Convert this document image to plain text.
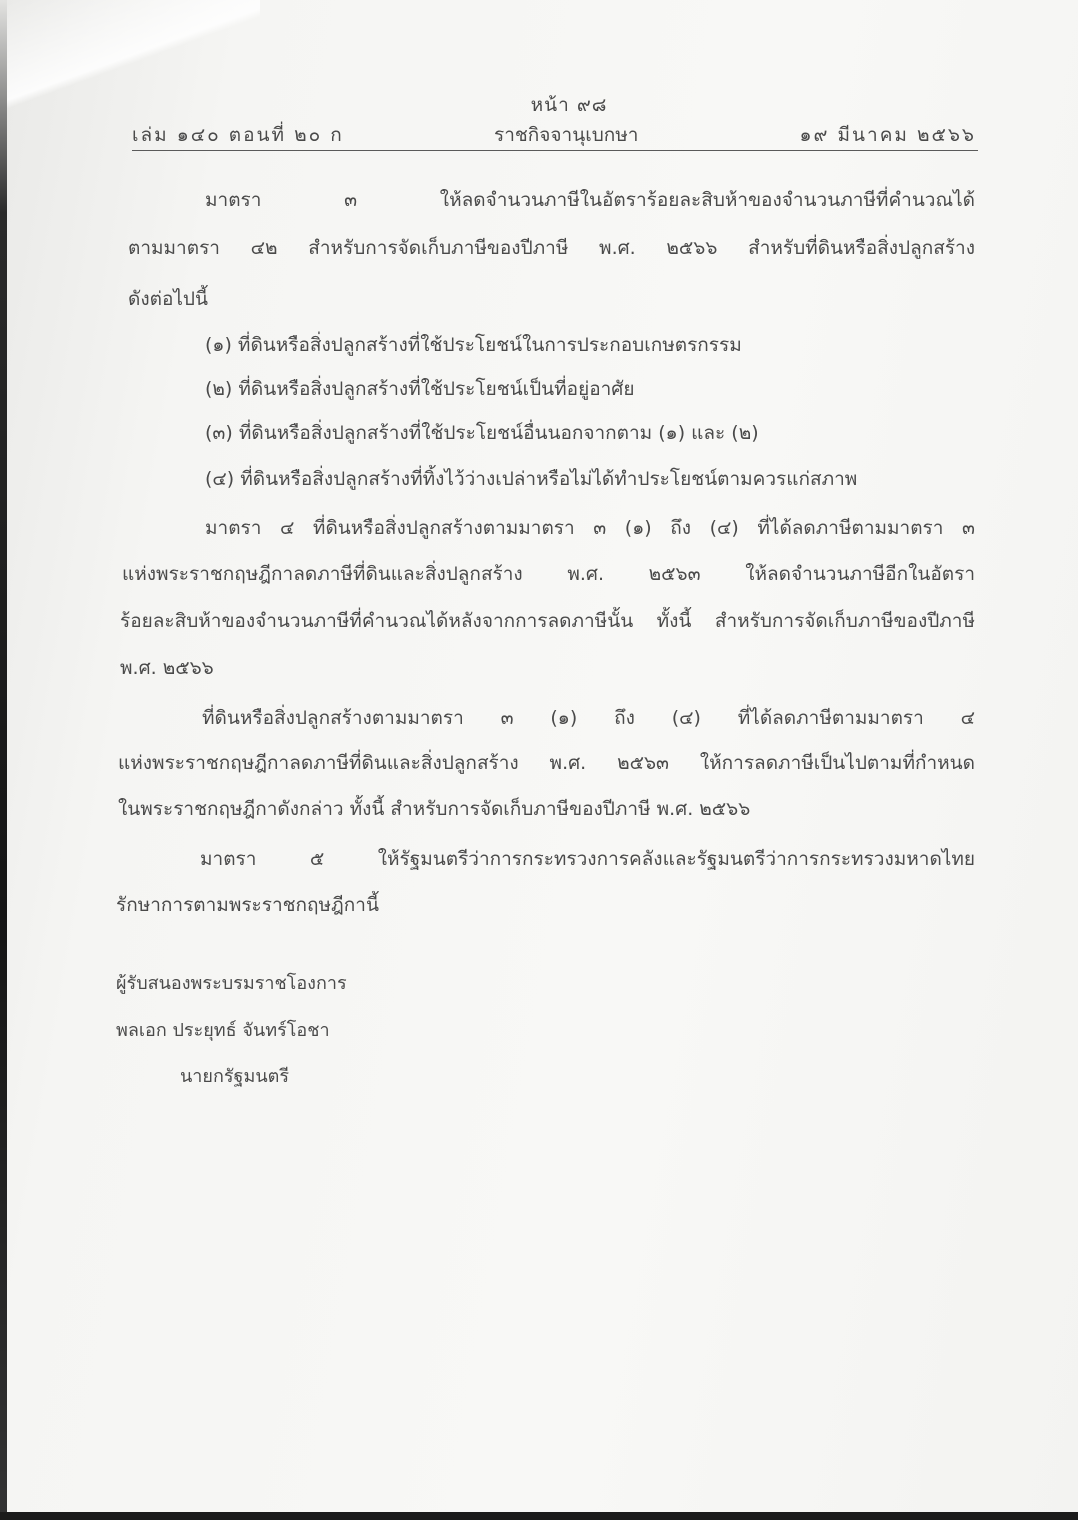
หน้า ๙๘
เล่ม ๑๔๐ ตอนที่ ๒๐ ก	ราชกิจจานุเบกษา	๑๙ มีนาคม ๒๕๖๖
มาตรา ๓ ให้ลดจำนวนภาษีในอัตราร้อยละสิบห้าของจำนวนภาษีที่คำนวณได้
ตามมาตรา ๔๒ สำหรับการจัดเก็บภาษีของปีภาษี พ.ศ. ๒๕๖๖ สำหรับที่ดินหรือสิ่งปลูกสร้าง
ดังต่อไปนี้
(๑) ที่ดินหรือสิ่งปลูกสร้างที่ใช้ประโยชน์ในการประกอบเกษตรกรรม
(๒) ที่ดินหรือสิ่งปลูกสร้างที่ใช้ประโยชน์เป็นที่อยู่อาศัย
(๓) ที่ดินหรือสิ่งปลูกสร้างที่ใช้ประโยชน์อื่นนอกจากตาม (๑) และ (๒)
(๔) ที่ดินหรือสิ่งปลูกสร้างที่ทิ้งไว้ว่างเปล่าหรือไม่ได้ทำประโยชน์ตามควรแก่สภาพ
มาตรา ๔ ที่ดินหรือสิ่งปลูกสร้างตามมาตรา ๓ (๑) ถึง (๔) ที่ได้ลดภาษีตามมาตรา ๓
แห่งพระราชกฤษฎีกาลดภาษีที่ดินและสิ่งปลูกสร้าง พ.ศ. ๒๕๖๓ ให้ลดจำนวนภาษีอีกในอัตรา
ร้อยละสิบห้าของจำนวนภาษีที่คำนวณได้หลังจากการลดภาษีนั้น ทั้งนี้ สำหรับการจัดเก็บภาษีของปีภาษี
พ.ศ. ๒๕๖๖
ที่ดินหรือสิ่งปลูกสร้างตามมาตรา ๓ (๑) ถึง (๔) ที่ได้ลดภาษีตามมาตรา ๔
แห่งพระราชกฤษฎีกาลดภาษีที่ดินและสิ่งปลูกสร้าง พ.ศ. ๒๕๖๓ ให้การลดภาษีเป็นไปตามที่กำหนด
ในพระราชกฤษฎีกาดังกล่าว ทั้งนี้ สำหรับการจัดเก็บภาษีของปีภาษี พ.ศ. ๒๕๖๖
มาตรา ๕ ให้รัฐมนตรีว่าการกระทรวงการคลังและรัฐมนตรีว่าการกระทรวงมหาดไทย
รักษาการตามพระราชกฤษฎีกานี้
ผู้รับสนองพระบรมราชโองการ
พลเอก ประยุทธ์ จันทร์โอชา
นายกรัฐมนตรี
